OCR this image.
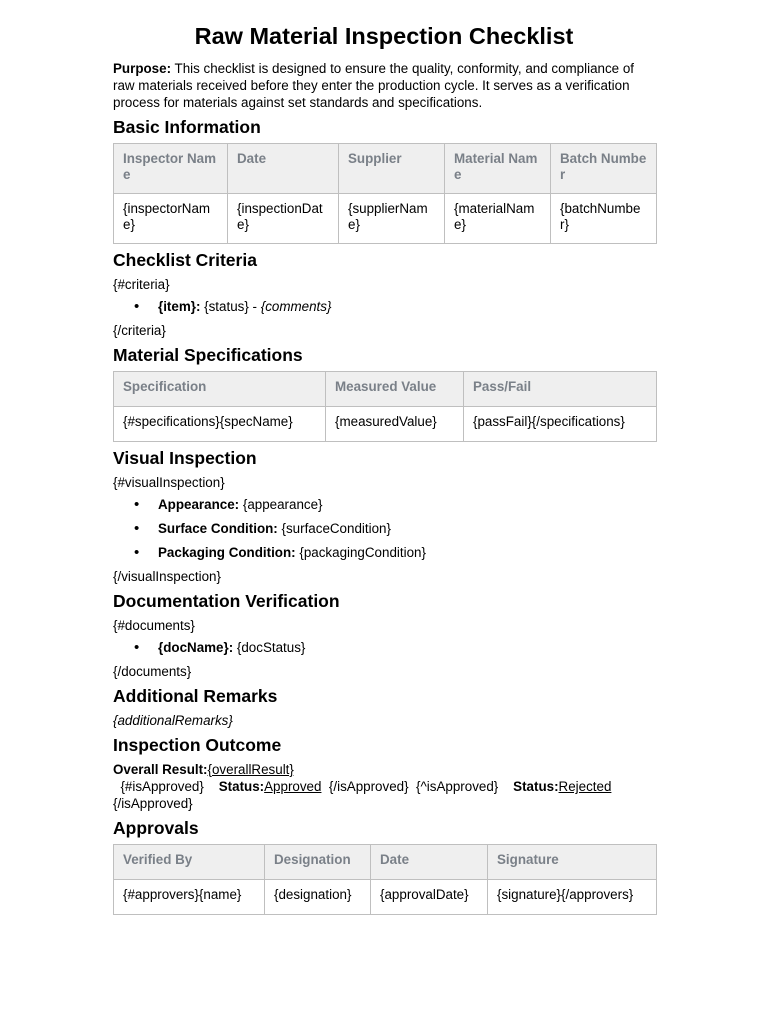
Raw Material Inspection Checklist

Purpose: This checklist is designed to ensure the quality, conformity, and compliance of raw materials received before they enter the production cycle. It serves as a verification process for materials against set standards and specifications.

Basic Information
Inspector Name	Date	Supplier	Material Name	Batch Number
{inspectorName}	{inspectionDate}	{supplierName}	{materialName}	{batchNumber}
Checklist Criteria

{#criteria}

• {item}: {status} - {comments}

{/criteria}

Material Specifications
Specification	Measured Value	Pass/Fail
{#specifications}{specName}	{measuredValue}	{passFail}{/specifications}
Visual Inspection

{#visualInspection}

• Appearance: {appearance}
• Surface Condition: {surfaceCondition}
• Packaging Condition: {packagingCondition}

{/visualInspection}

Documentation Verification

{#documents}

• {docName}: {docStatus}

{/documents}

Additional Remarks

{additionalRemarks}

Inspection Outcome

Overall Result:{overallResult}

{#isApproved} Status:Approved {/isApproved} {^isApproved} Status:Rejected

{/isApproved}

Approvals
Verified By	Designation	Date	Signature
{#approvers}{name}	{designation}	{approvalDate}	{signature}{/approvers}
